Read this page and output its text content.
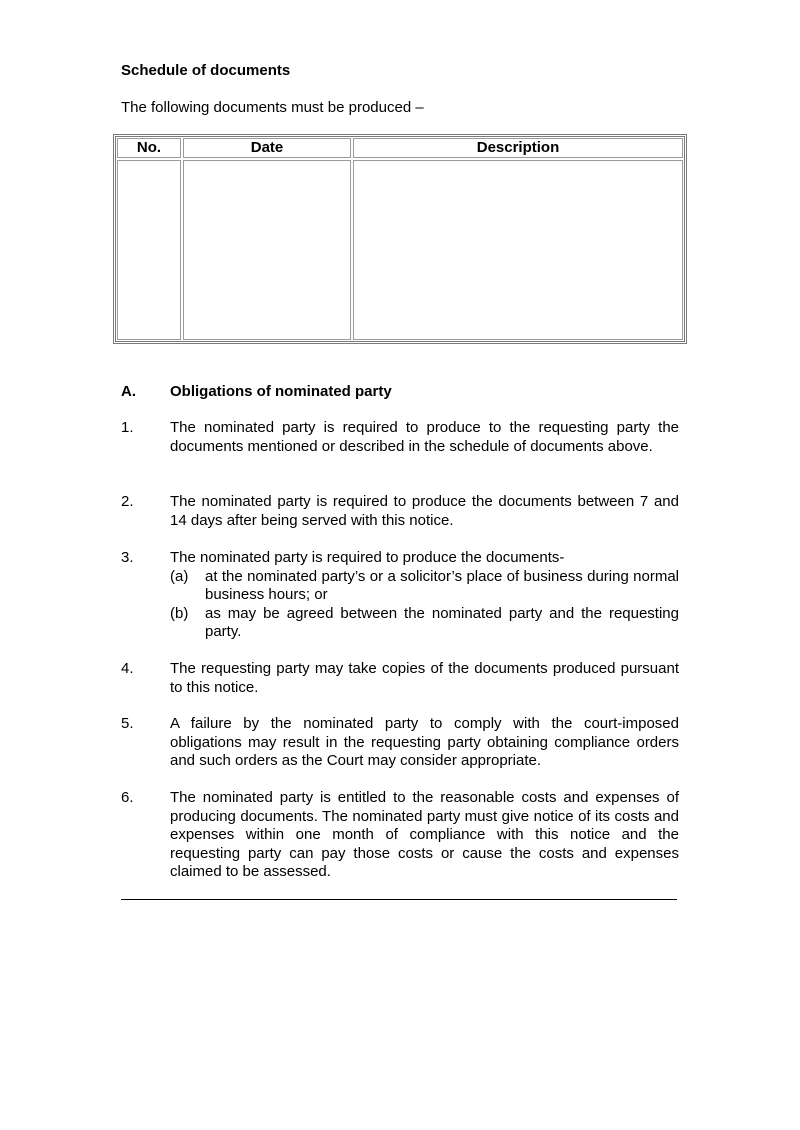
Schedule of documents
The following documents must be produced –
No.	Date	Description
A. Obligations of nominated party
1. The nominated party is required to produce to the requesting party the documents mentioned or described in the schedule of documents above.
2. The nominated party is required to produce the documents between 7 and 14 days after being served with this notice.
3. The nominated party is required to produce the documents-
(a) at the nominated party’s or a solicitor’s place of business during normal business hours; or
(b) as may be agreed between the nominated party and the requesting party.
4. The requesting party may take copies of the documents produced pursuant to this notice.
5. A failure by the nominated party to comply with the court-imposed obligations may result in the requesting party obtaining compliance orders and such orders as the Court may consider appropriate.
6. The nominated party is entitled to the reasonable costs and expenses of producing documents. The nominated party must give notice of its costs and expenses within one month of compliance with this notice and the requesting party can pay those costs or cause the costs and expenses claimed to be assessed.
